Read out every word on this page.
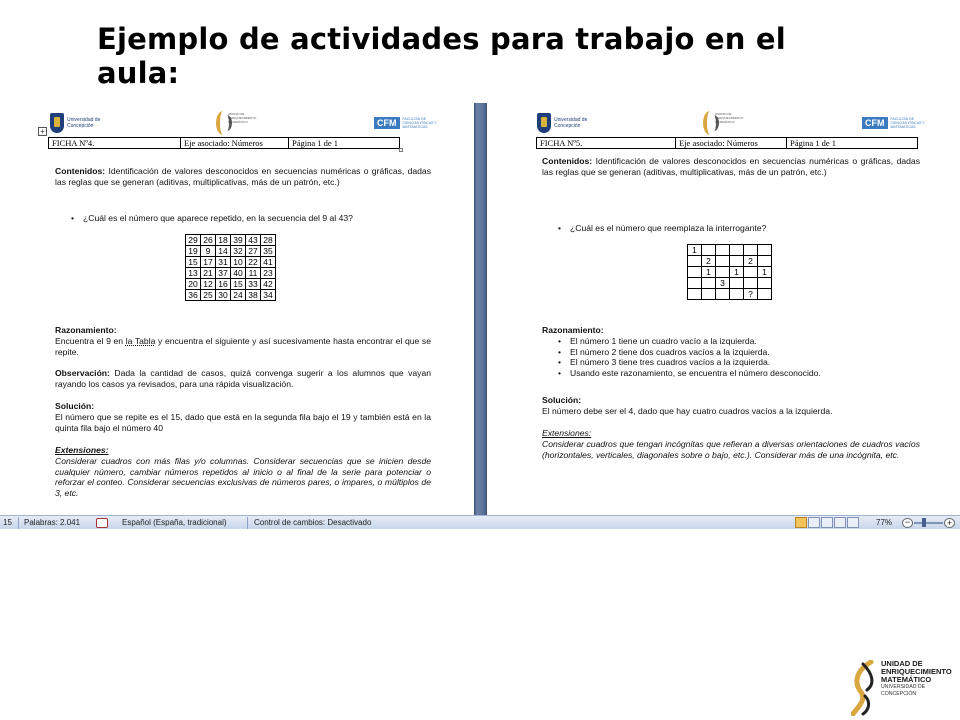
Ejemplo de actividades para trabajo en el aula:
Universidad de Concepción
UNIDAD DE ENRIQUECIMIENTO MATEMÁTICO	CFM	FACULTAD DE CIENCIAS FÍSICAS Y MATEMÁTICAS
+
FICHA Nº4.	Eje asociado: Números	Página 1 de 1
Contenidos: Identificación de valores desconocidos en secuencias numéricas o gráficas, dadas las reglas que se generan (aditivas, multiplicativas, más de un patrón, etc.)
• ¿Cuál es el número que aparece repetido, en la secuencia del 9 al 43?
29	26	18	39	43	28
19	9	14	32	27	35
15	17	31	10	22	41
13	21	37	40	11	23
20	12	16	15	33	42
36	25	30	24	38	34
Razonamiento:
Encuentra el 9 en la Tabla y encuentra el siguiente y así sucesivamente hasta encontrar el que se repite.
Observación: Dada la cantidad de casos, quizá convenga sugerir a los alumnos que vayan rayando los casos ya revisados, para una rápida visualización.
Solución:
El número que se repite es el 15, dado que está en la segunda fila bajo el 19 y también está en la quinta fila bajo el número 40
Extensiones:
Considerar cuadros con más filas y/o columnas. Considerar secuencias que se inicien desde cualquier número, cambiar números repetidos al inicio o al final de la serie para potenciar o reforzar el conteo. Considerar secuencias exclusivas de números pares, o impares, o múltiplos de 3, etc.
Universidad de Concepción
UNIDAD DE ENRIQUECIMIENTO MATEMÁTICO	CFM	FACULTAD DE CIENCIAS FÍSICAS Y MATEMÁTICAS
FICHA Nº5.	Eje asociado: Números	Página 1 de 1
Contenidos: Identificación de valores desconocidos en secuencias numéricas o gráficas, dadas las reglas que se generan (aditivas, multiplicativas, más de un patrón, etc.)
• ¿Cuál es el número que reemplaza la interrogante?
1					
	2			2	
	1		1		1
		3			
				?	
Razonamiento:
• El número 1 tiene un cuadro vacío a la izquierda.
• El número 2 tiene dos cuadros vacíos a la izquierda.
• El número 3 tiene tres cuadros vacíos a la izquierda.
• Usando este razonamiento, se encuentra el número desconocido.
Solución:
El número debe ser el 4, dado que hay cuatro cuadros vacíos a la izquierda.
Extensiones:
Considerar cuadros que tengan incógnitas que refieran a diversas orientaciones de cuadros vacíos (horizontales, verticales, diagonales sobre o bajo, etc.). Considerar más de una incógnita, etc.
15 Palabras: 2.041	Español (España, tradicional)	Control de cambios: Desactivado	77%	−	+
UNIDAD DE
ENRIQUECIMIENTO
MATEMÁTICO
UNIVERSIDAD DE CONCEPCIÓN
